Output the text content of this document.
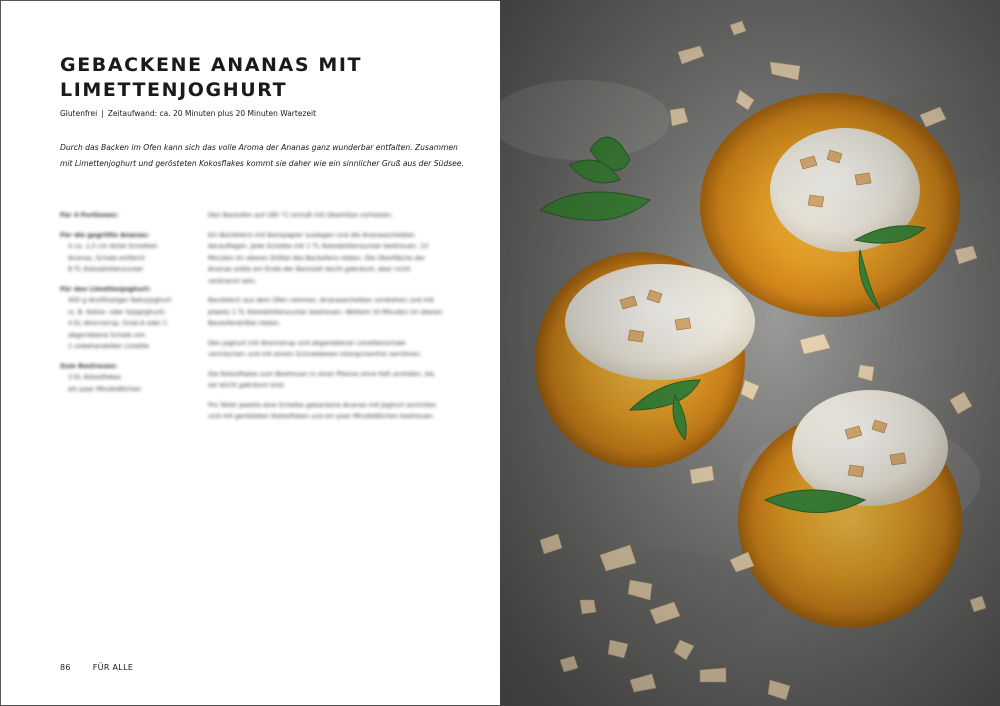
GEBACKENE ANANAS MIT LIMETTENJOGHURT
Glutenfrei | Zeitaufwand: ca. 20 Minuten plus 20 Minuten Wartezeit

Durch das Backen im Ofen kann sich das volle Aroma der Ananas ganz wunderbar entfalten. Zusammen mit Limettenjoghurt und gerösteten Kokosflakes kommt sie daher wie ein sinnlicher Gruß aus der Südsee.

Für 4 Portionen:
Für die gegrillte Ananas:
4 ca. 1,5 cm dicke Scheiben
Ananas, Schale entfernt
8 TL Kokosblütenzucker
Für den Limettenjoghurt:
400 g dickflüssiger Naturjoghurt
(z. B. Kokos- oder Sojajoghurt)
4 EL Ahornsirup, Grad A oder C
abgeriebene Schale von
1 unbehandelten Limette
Zum Bestreuen:
3 EL Kokosflakes
ein paar Minzblättchen

Den Backofen auf 180 °C Umluft mit Oberhitze vorheizen.

Ein Backblech mit Backpapier auslegen und die Ananasscheiben darauflegen. Jede Scheibe mit 1 TL Kokosblütenzucker bestreuen. 10 Minuten im oberen Drittel des Backofens rösten. Die Oberfläche der Ananas sollte am Ende der Backzeit leicht gebräunt, aber nicht verbrannt sein.

Backblech aus dem Ofen nehmen, Ananasscheiben umdrehen und mit jeweils 1 TL Kokosblütenzucker bestreuen. Weitere 10 Minuten im oberen Backofendrittel rösten.

Den Joghurt mit Ahornsirup und abgeriebener Limettenschale vermischen und mit einem Schneebesen klümpchenfrei verrühren.

Die Kokosflakes zum Bestreuen in einer Pfanne ohne Fett anrösten, bis sie leicht gebräunt sind.

Pro Teller jeweils eine Scheibe gebackene Ananas mit Joghurt anrichten und mit gerösteten Kokosflakes und ein paar Minzblättchen bestreuen.

86	FÜR ALLE
